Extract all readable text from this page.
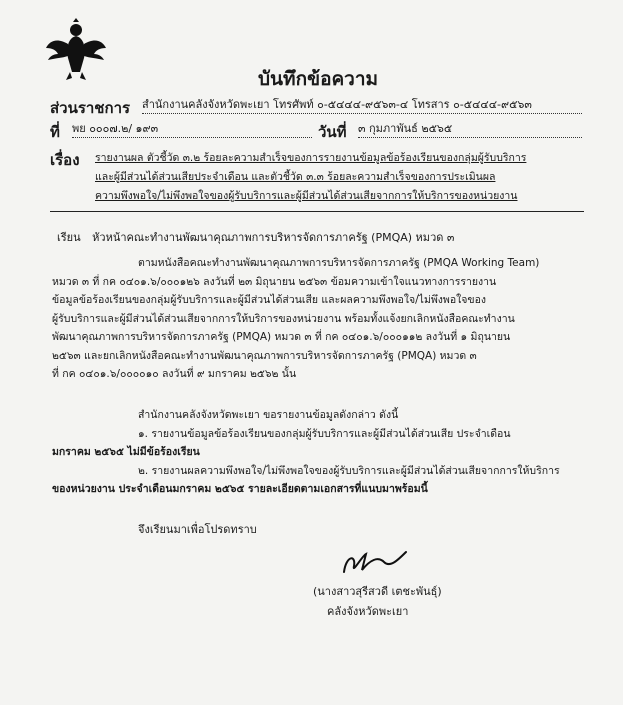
บันทึกข้อความ
ส่วนราชการ สำนักงานคลังจังหวัดพะเยา โทรศัพท์ ๐-๕๔๔๔-๙๕๖๓-๔ โทรสาร ๐-๕๔๔๔-๙๕๖๓
ที่ พย ๐๐๐๗.๒/ ๑๙๓	วันที่ ๓ กุมภาพันธ์ ๒๕๖๕
เรื่อง รายงานผล ตัวชี้วัด ๓.๒ ร้อยละความสำเร็จของการรายงานข้อมูลข้อร้องเรียนของกลุ่มผู้รับบริการ
และผู้มีส่วนได้ส่วนเสียประจำเดือน และตัวชี้วัด ๓.๓ ร้อยละความสำเร็จของการประเมินผล
ความพึงพอใจ/ไม่พึงพอใจของผู้รับบริการและผู้มีส่วนได้ส่วนเสียจากการให้บริการของหน่วยงาน
เรียน หัวหน้าคณะทำงานพัฒนาคุณภาพการบริหารจัดการภาครัฐ (PMQA) หมวด ๓
ตามหนังสือคณะทำงานพัฒนาคุณภาพการบริหารจัดการภาครัฐ (PMQA Working Team)
หมวด ๓ ที่ กค ๐๔๐๑.๖/๐๐๐๑๒๖ ลงวันที่ ๒๓ มิถุนายน ๒๕๖๓ ข้อมความเข้าใจแนวทางการรายงาน
ข้อมูลข้อร้องเรียนของกลุ่มผู้รับบริการและผู้มีส่วนได้ส่วนเสีย และผลความพึงพอใจ/ไม่พึงพอใจของ
ผู้รับบริการและผู้มีส่วนได้ส่วนเสียจากการให้บริการของหน่วยงาน พร้อมทั้งแจ้งยกเลิกหนังสือคณะทำงาน
พัฒนาคุณภาพการบริหารจัดการภาครัฐ (PMQA) หมวด ๓ ที่ กค ๐๔๐๑.๖/๐๐๐๑๑๒ ลงวันที่ ๑ มิถุนายน
๒๕๖๓ และยกเลิกหนังสือคณะทำงานพัฒนาคุณภาพการบริหารจัดการภาครัฐ (PMQA) หมวด ๓
ที่ กค ๐๔๐๑.๖/๐๐๐๐๑๐ ลงวันที่ ๙ มกราคม ๒๕๖๒ นั้น
สำนักงานคลังจังหวัดพะเยา ขอรายงานข้อมูลดังกล่าว ดังนี้
๑. รายงานข้อมูลข้อร้องเรียนของกลุ่มผู้รับบริการและผู้มีส่วนได้ส่วนเสีย ประจำเดือน
มกราคม ๒๕๖๕ ไม่มีข้อร้องเรียน
๒. รายงานผลความพึงพอใจ/ไม่พึงพอใจของผู้รับบริการและผู้มีส่วนได้ส่วนเสียจากการให้บริการ
ของหน่วยงาน ประจำเดือนมกราคม ๒๕๖๕ รายละเอียดตามเอกสารที่แนบมาพร้อมนี้
จึงเรียนมาเพื่อโปรดทราบ
(นางสาวสุรีสวดี เตชะพันธุ์)
คลังจังหวัดพะเยา
